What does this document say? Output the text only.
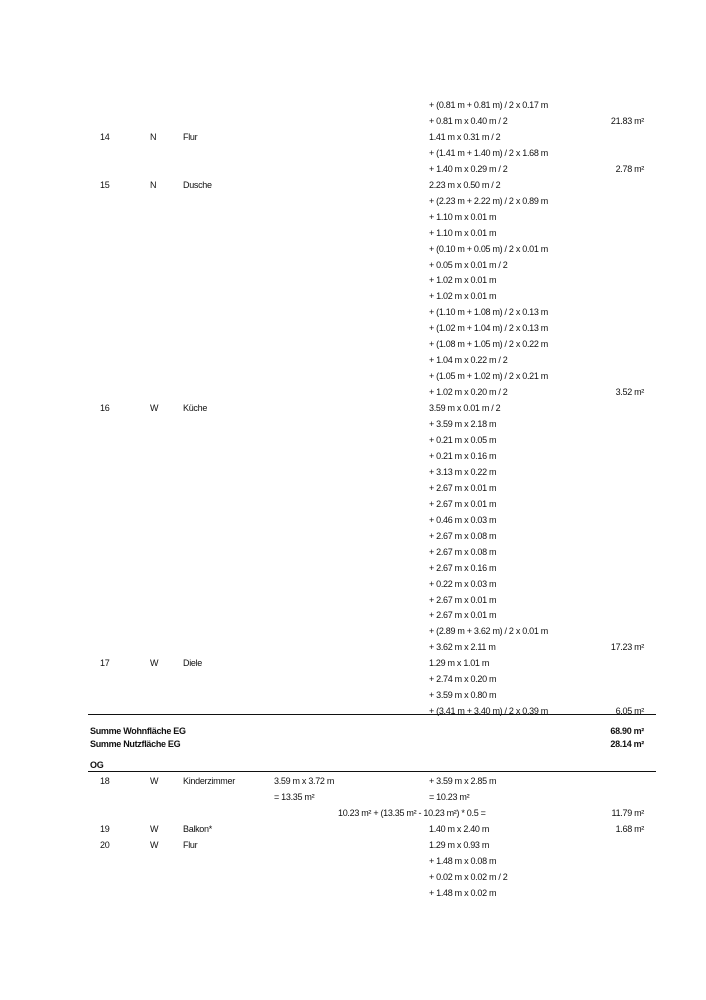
+ (0.81 m + 0.81 m) / 2 x 0.17 m
+ 0.81 m x 0.40 m / 2	21.83 m²
14	N	Flur	1.41 m x 0.31 m / 2
+ (1.41 m + 1.40 m) / 2 x 1.68 m
+ 1.40 m x 0.29 m / 2	2.78 m²
15	N	Dusche	2.23 m x 0.50 m / 2
+ (2.23 m + 2.22 m) / 2 x 0.89 m
+ 1.10 m x 0.01 m
+ 1.10 m x 0.01 m
+ (0.10 m + 0.05 m) / 2 x 0.01 m
+ 0.05 m x 0.01 m / 2
+ 1.02 m x 0.01 m
+ 1.02 m x 0.01 m
+ (1.10 m + 1.08 m) / 2 x 0.13 m
+ (1.02 m + 1.04 m) / 2 x 0.13 m
+ (1.08 m + 1.05 m) / 2 x 0.22 m
+ 1.04 m x 0.22 m / 2
+ (1.05 m + 1.02 m) / 2 x 0.21 m
+ 1.02 m x 0.20 m / 2	3.52 m²
16	W	Küche	3.59 m x 0.01 m / 2
+ 3.59 m x 2.18 m
+ 0.21 m x 0.05 m
+ 0.21 m x 0.16 m
+ 3.13 m x 0.22 m
+ 2.67 m x 0.01 m
+ 2.67 m x 0.01 m
+ 0.46 m x 0.03 m
+ 2.67 m x 0.08 m
+ 2.67 m x 0.08 m
+ 2.67 m x 0.16 m
+ 0.22 m x 0.03 m
+ 2.67 m x 0.01 m
+ 2.67 m x 0.01 m
+ (2.89 m + 3.62 m) / 2 x 0.01 m
+ 3.62 m x 2.11 m	17.23 m²
17	W	Diele	1.29 m x 1.01 m
+ 2.74 m x 0.20 m
+ 3.59 m x 0.80 m
+ (3.41 m + 3.40 m) / 2 x 0.39 m	6.05 m²
Summe Wohnfläche EG	68.90 m²
Summe Nutzfläche EG	28.14 m²
OG
18	W	Kinderzimmer	3.59 m x 3.72 m	+ 3.59 m x 2.85 m
= 13.35 m²	= 10.23 m²
10.23 m² + (13.35 m² - 10.23 m²) * 0.5 =	11.79 m²
19	W	Balkon*	1.40 m x 2.40 m	1.68 m²
20	W	Flur	1.29 m x 0.93 m
+ 1.48 m x 0.08 m
+ 0.02 m x 0.02 m / 2
+ 1.48 m x 0.02 m
